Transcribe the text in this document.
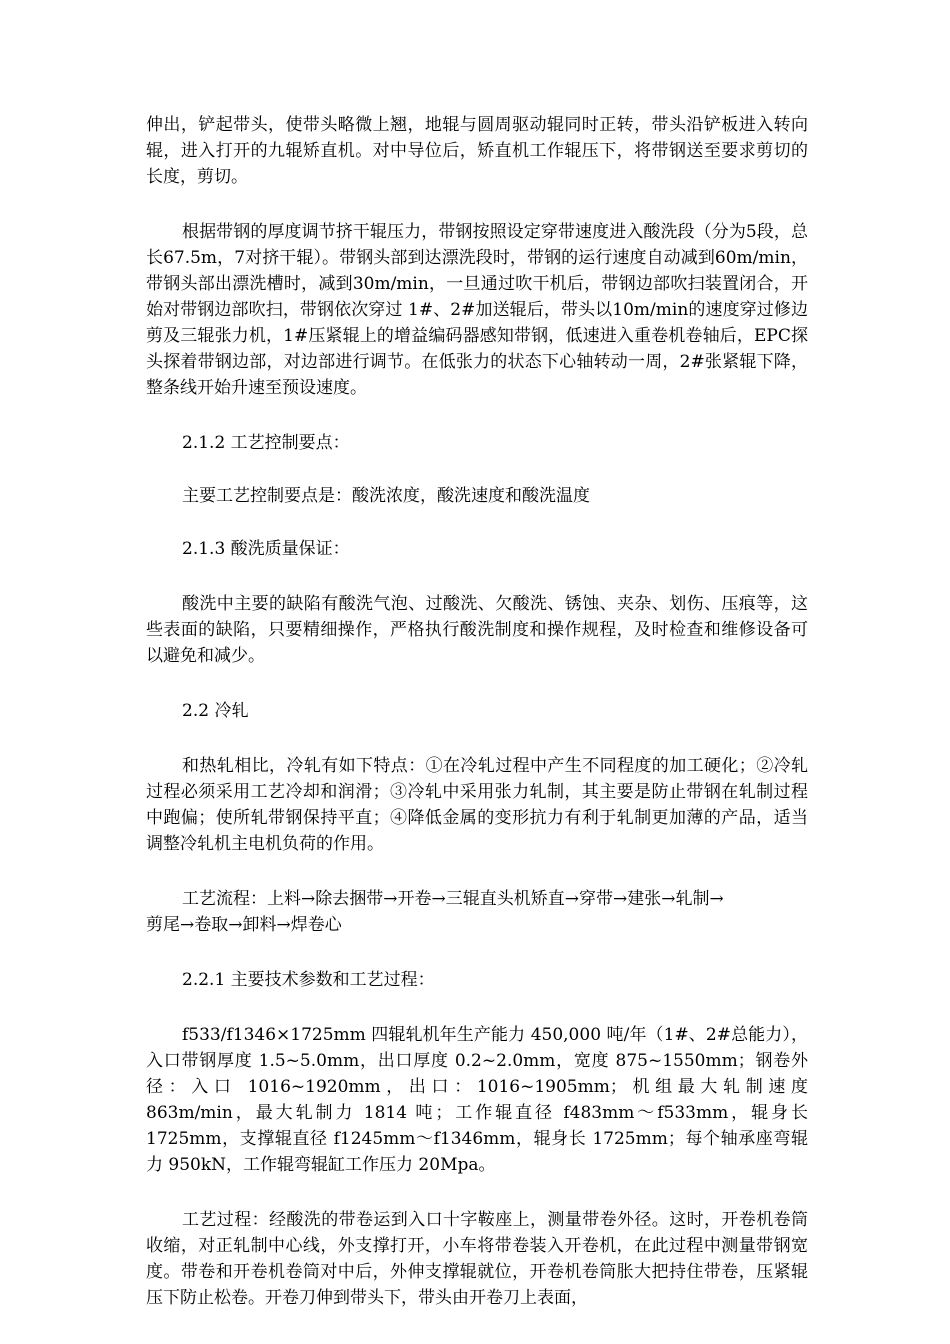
伸出，铲起带头，使带头略微上翘，地辊与圆周驱动辊同时正转，带头沿铲板进入转向辊，进入打开的九辊矫直机。对中导位后，矫直机工作辊压下，将带钢送至要求剪切的长度，剪切。

根据带钢的厚度调节挤干辊压力，带钢按照设定穿带速度进入酸洗段（分为5段，总长67.5m，7对挤干辊）。带钢头部到达漂洗段时，带钢的运行速度自动减到60m/min，带钢头部出漂洗槽时，减到30m/min，一旦通过吹干机后，带钢边部吹扫装置闭合，开始对带钢边部吹扫，带钢依次穿过 1#、2#加送辊后，带头以10m/min的速度穿过修边剪及三辊张力机，1#压紧辊上的增益编码器感知带钢，低速进入重卷机卷轴后，EPC探头探着带钢边部，对边部进行调节。在低张力的状态下心轴转动一周，2#张紧辊下降，整条线开始升速至预设速度。

2.1.2 工艺控制要点：

主要工艺控制要点是：酸洗浓度，酸洗速度和酸洗温度

2.1.3 酸洗质量保证：

酸洗中主要的缺陷有酸洗气泡、过酸洗、欠酸洗、锈蚀、夹杂、划伤、压痕等，这些表面的缺陷，只要精细操作，严格执行酸洗制度和操作规程，及时检查和维修设备可以避免和减少。

2.2 冷轧

和热轧相比，冷轧有如下特点：①在冷轧过程中产生不同程度的加工硬化；②冷轧过程必须采用工艺冷却和润滑；③冷轧中采用张力轧制，其主要是防止带钢在轧制过程中跑偏；使所轧带钢保持平直；④降低金属的变形抗力有利于轧制更加薄的产品，适当调整冷轧机主电机负荷的作用。

工艺流程：上料→除去捆带→开卷→三辊直头机矫直→穿带→建张→轧制→
剪尾→卷取→卸料→焊卷心

2.2.1 主要技术参数和工艺过程：

f533/f1346×1725mm 四辊轧机年生产能力 450,000 吨/年（1#、2#总能力），入口带钢厚度 1.5~5.0mm，出口厚度 0.2~2.0mm，宽度 875~1550mm；钢卷外径：入口 1016~1920mm，出口：1016~1905mm；机组最大轧制速度 863m/min，最大轧制力 1814 吨；工作辊直径 f483mm～f533mm，辊身长 1725mm，支撑辊直径 f1245mm～f1346mm，辊身长 1725mm；每个轴承座弯辊力 950kN，工作辊弯辊缸工作压力 20Mpa。

工艺过程：经酸洗的带卷运到入口十字鞍座上，测量带卷外径。这时，开卷机卷筒收缩，对正轧制中心线，外支撑打开，小车将带卷装入开卷机，在此过程中测量带钢宽度。带卷和开卷机卷筒对中后，外伸支撑辊就位，开卷机卷筒胀大把持住带卷，压紧辊压下防止松卷。开卷刀伸到带头下，带头由开卷刀上表面，
